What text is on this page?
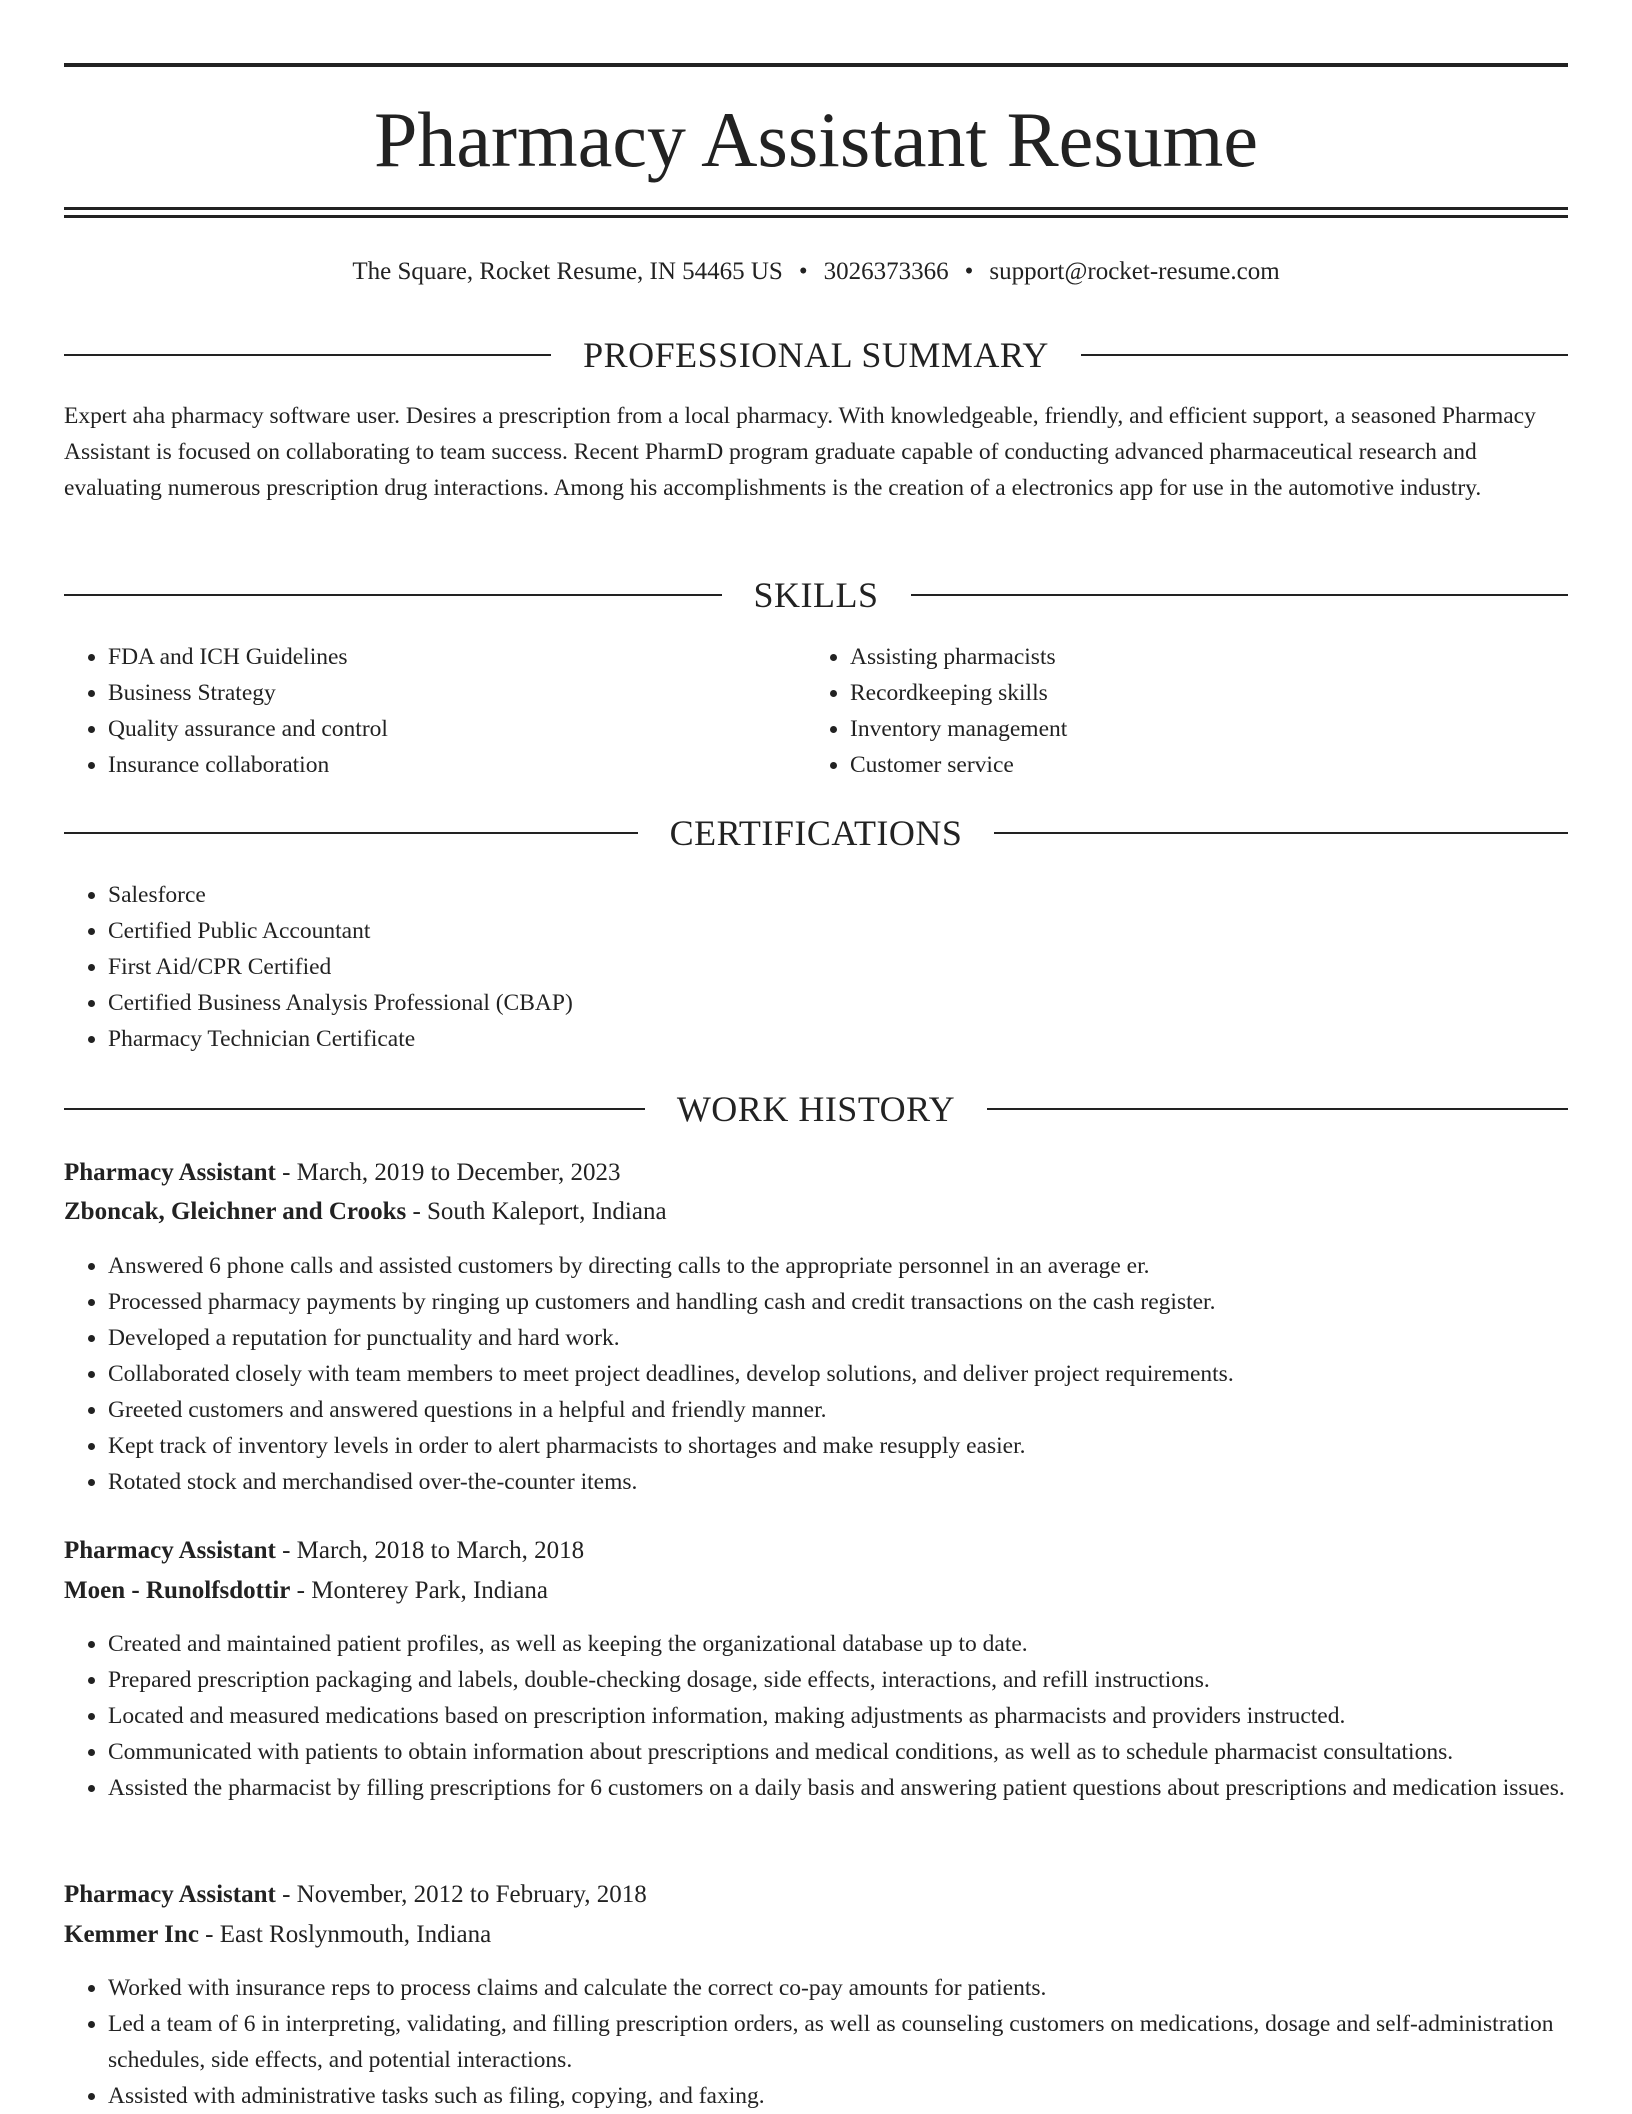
Pharmacy Assistant Resume
The Square, Rocket Resume, IN 54465 US • 3026373366 • support@rocket-resume.com
PROFESSIONAL SUMMARY

Expert aha pharmacy software user. Desires a prescription from a local pharmacy. With knowledgeable, friendly, and efficient support, a seasoned Pharmacy Assistant is focused on collaborating to team success. Recent PharmD program graduate capable of conducting advanced pharmaceutical research and evaluating numerous prescription drug interactions. Among his accomplishments is the creation of a electronics app for use in the automotive industry.

SKILLS
• FDA and ICH Guidelines
• Business Strategy
• Quality assurance and control
• Insurance collaboration
• Assisting pharmacists
• Recordkeeping skills
• Inventory management
• Customer service
CERTIFICATIONS
• Salesforce
• Certified Public Accountant
• First Aid/CPR Certified
• Certified Business Analysis Professional (CBAP)
• Pharmacy Technician Certificate
WORK HISTORY
Pharmacy Assistant - March, 2019 to December, 2023
Zboncak, Gleichner and Crooks - South Kaleport, Indiana
• Answered 6 phone calls and assisted customers by directing calls to the appropriate personnel in an average er.
• Processed pharmacy payments by ringing up customers and handling cash and credit transactions on the cash register.
• Developed a reputation for punctuality and hard work.
• Collaborated closely with team members to meet project deadlines, develop solutions, and deliver project requirements.
• Greeted customers and answered questions in a helpful and friendly manner.
• Kept track of inventory levels in order to alert pharmacists to shortages and make resupply easier.
• Rotated stock and merchandised over-the-counter items.
Pharmacy Assistant - March, 2018 to March, 2018
Moen - Runolfsdottir - Monterey Park, Indiana
• Created and maintained patient profiles, as well as keeping the organizational database up to date.
• Prepared prescription packaging and labels, double-checking dosage, side effects, interactions, and refill instructions.
• Located and measured medications based on prescription information, making adjustments as pharmacists and providers instructed.
• Communicated with patients to obtain information about prescriptions and medical conditions, as well as to schedule pharmacist consultations.
• Assisted the pharmacist by filling prescriptions for 6 customers on a daily basis and answering patient questions about prescriptions and medication issues.
Pharmacy Assistant - November, 2012 to February, 2018
Kemmer Inc - East Roslynmouth, Indiana
• Worked with insurance reps to process claims and calculate the correct co-pay amounts for patients.
• Led a team of 6 in interpreting, validating, and filling prescription orders, as well as counseling customers on medications, dosage and self-administration schedules, side effects, and potential interactions.
• Assisted with administrative tasks such as filing, copying, and faxing.
